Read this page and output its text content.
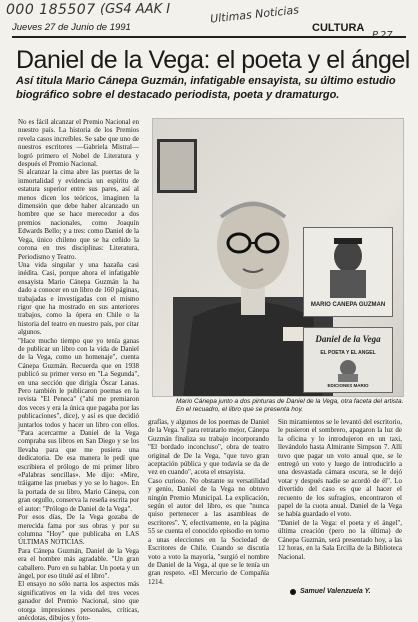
000 185507 (GS4 AAK I	Ultimas Noticias
P.27
Jueves 27 de Junio de 1991	CULTURA
Daniel de la Vega: el poeta y el ángel
Así titula Mario Cánepa Guzmán, infatigable ensayista, su último estudio biográfico sobre el destacado periodista, poeta y dramaturgo.
No es fácil alcanzar el Premio Nacional en nuestro país. La historia de los Premios revela casos increíbles. Se sabe que uno de nuestros escritores —Gabriela Mistral— logró primero el Nobel de Literatura y después el Premio Nacional.
Si alcanzar la cima abre las puertas de la inmortalidad y evidencia un espíritu de estatura superior entre sus pares, así al menos dicen los teóricos, imaginen la dimensión que debe haber alcanzado un hombre que se hace merecedor a dos premios nacionales, como Joaquín Edwards Bello; y a tres: como Daniel de la Vega, único chileno que se ha ceñido la corona en tres disciplinas: Literatura, Periodismo y Teatro.
Una vida singular y una hazaña casi inédita. Casi, porque ahora el infatigable ensayista Mario Cánepa Guzmán la ha dado a conocer en un libro de 160 páginas, trabajadas e investigadas con el mismo rigor que ha mostrado en sus anteriores trabajos, como la ópera en Chile o la historia del teatro en nuestro país, por citar algunos.
"Hace mucho tiempo que yo tenía ganas de publicar un libro con la vida de Daniel de la Vega, como un homenaje", cuenta Cánepa Guzmán. Recuerda que en 1938 publicó su primer verso en "La Segunda", en una sección que dirigía Óscar Lanas. Pero también le publicaron poemas en la revista "El Peneca" ("ahí me premiaron dos veces y era la única que pagaba por las publicaciones", dice), y así es que decidió juntarlos todos y hacer un libro con ellos. "Para acercarme a Daniel de la Vega compraba sus libros en San Diego y se los llevaba para que me pusiera una dedicatoria. De esa manera le pedí que escribiera el prólogo de mi primer libro «Palabras sencillas». Me dijo: «Mire, tráigame las pruebas y yo se lo hago». En la portada de su libro, Mario Cánepa, con gran orgullo, conserva la reseña escrita por el autor: "Prólogo de Daniel de la Vega".
Por esos días, De la Vega gozaba de merecida fama por sus obras y por su columna "Hoy" que publicaba en LAS ÚLTIMAS NOTICIAS.
Para Cánepa Guzmán, Daniel de la Vega era el hombre más agradable. "Un gran caballero. Puro en su hablar. Un poeta y un ángel, por eso titulé así el libro".
El ensayo no sólo narra los aspectos más significativos en la vida del tres veces ganador del Premio Nacional, sino que otorga impresiones personales, críticas, anécdotas, dibujos y foto-
MARIO CANEPA GUZMAN
Daniel de la Vega
EL POETA Y EL ANGEL
EDICIONES MARIO
Mario Cánepa junto a dos pinturas de Daniel de la Vega, otra faceta del artista. En el recuadro, el libro que se presenta hoy.
grafías, y algunos de los poemas de Daniel de la Vega. Y para retratarlo mejor, Cánepa Guzmán finaliza su trabajo incorporando "El bordado inconcluso", obra de teatro original de De la Vega, "que tuvo gran aceptación pública y que todavía se da de vez en cuando", acota el ensayista.
Caso curioso. No obstante su versatilidad y genio, Daniel de la Vega no obtuvo ningún Premio Municipal. La explicación, según el autor del libro, es que "nunca quiso pertenecer a las asambleas de escritores". Y, efectivamente, en la página 55 se cuenta el conocido episodio en torno a unas elecciones en la Sociedad de Escritores de Chile. Cuando se discutía voto a voto la mayoría, "surgió el nombre de Daniel de la Vega, al que se le tenía un gran respeto. «El Mercurio de Compañía 1214.
Sin miramientos se le levantó del escritorio, le pusieron el sombrero, apagaron la luz de la oficina y lo introdujeron en un taxi, llevándolo hasta Almirante Simpson 7. Allí tuvo que pagar un voto anual que, se le entregó un voto y luego de introducirlo a una desvastada cámara oscura, se le dejó votar y después nadie se acordó de él". Lo divertido del caso es que al hacer el recuento de los sufragios, encontraron el papel de la cuota anual. Daniel de la Vega se había guardado el voto.
"Daniel de la Vega: el poeta y el ángel", última creación (pero no la última) de Cánepa Guzmán, será presentado hoy, a las 12 horas, en la Sala Ercilla de la Biblioteca Nacional.
Samuel Valenzuela Y.
